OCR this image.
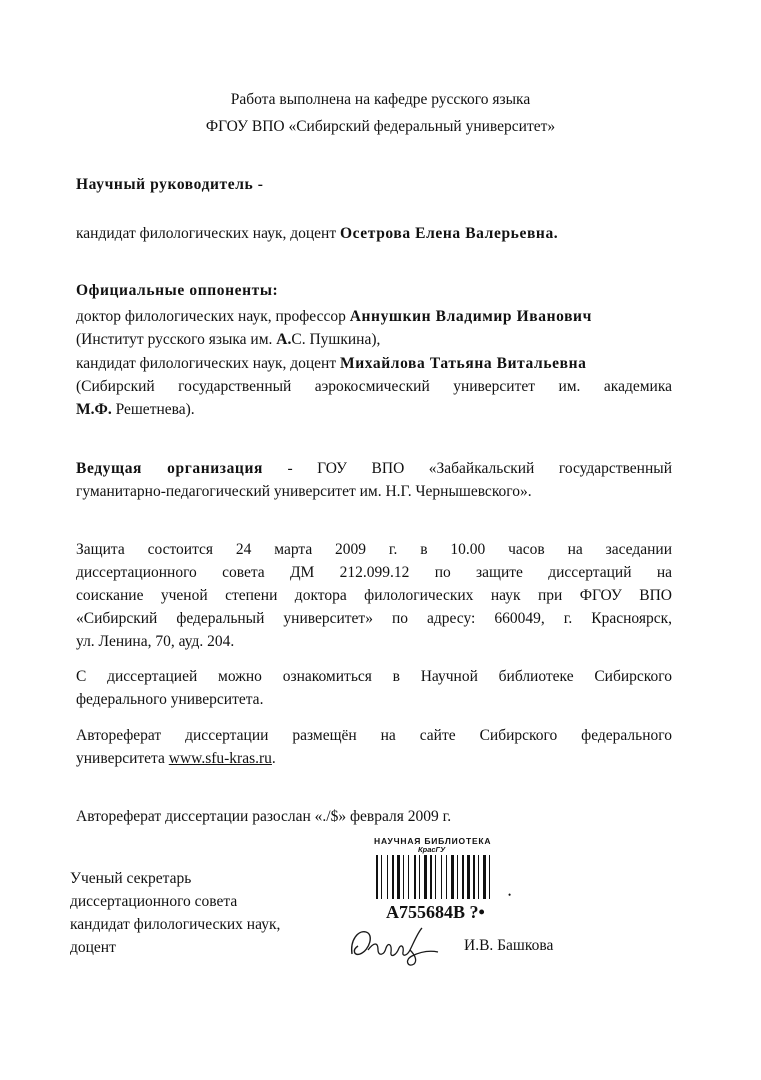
Работа выполнена на кафедре русского языка
ФГОУ ВПО «Сибирский федеральный университет»
Научный руководитель -
кандидат филологических наук, доцент Осетрова Елена Валерьевна.
Официальные оппоненты:
доктор филологических наук, профессор Аннушкин Владимир Иванович
(Институт русского языка им. А.С. Пушкина),
кандидат филологических наук, доцент Михайлова Татьяна Витальевна
(Сибирский государственный аэрокосмический университет им. академика
М.Ф. Решетнева).
Ведущая организация - ГОУ ВПО «Забайкальский государственный
гуманитарно-педагогический университет им. Н.Г. Чернышевского».
Защита состоится 24 марта 2009 г. в 10.00 часов на заседании
диссертационного совета ДМ 212.099.12 по защите диссертаций на
соискание ученой степени доктора филологических наук при ФГОУ ВПО
«Сибирский федеральный университет» по адресу: 660049, г. Красноярск,
ул. Ленина, 70, ауд. 204.
С диссертацией можно ознакомиться в Научной библиотеке Сибирского
федерального университета.
Автореферат диссертации размещён на сайте Сибирского федерального
университета www.sfu-kras.ru.
Автореферат диссертации разослан «./$» февраля 2009 г.
НАУЧНАЯ БИБЛИОТЕКА
КрасГУ
•
А755684В ?•
Ученый секретарь
диссертационного совета
кандидат филологических наук,
доцент	И.В. Башкова
